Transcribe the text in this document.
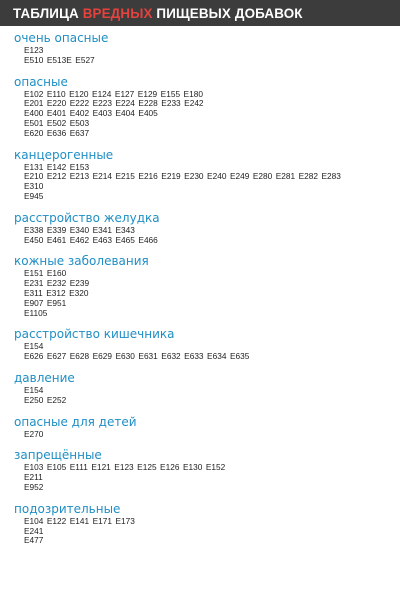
ТАБЛИЦА
ВРЕДНЫХ
ПИЩЕВЫХ ДОБАВОК
очень опасные
E123
E510 E513E E527
опасные
E102 E110 E120 E124 E127 E129 E155 E180
E201 E220 E222 E223 E224 E228 E233 E242
E400 E401 E402 E403 E404 E405
E501 E502 E503
E620 E636 E637
канцерогенные
E131 E142 E153
E210 E212 E213 E214 E215 E216 E219 E230 E240 E249 E280 E281 E282 E283
E310
E945
расстройство желудка
E338 E339 E340 E341 E343
E450 E461 E462 E463 E465 E466
кожные заболевания
E151 E160
E231 E232 E239
E311 E312 E320
E907 E951
E1105
расстройство кишечника
E154
E626 E627 E628 E629 E630 E631 E632 E633 E634 E635
давление
E154
E250 E252
опасные для детей
E270
запрещённые
E103 E105 E111 E121 E123 E125 E126 E130 E152
E211
E952
подозрительные
E104 E122 E141 E171 E173
E241
E477
